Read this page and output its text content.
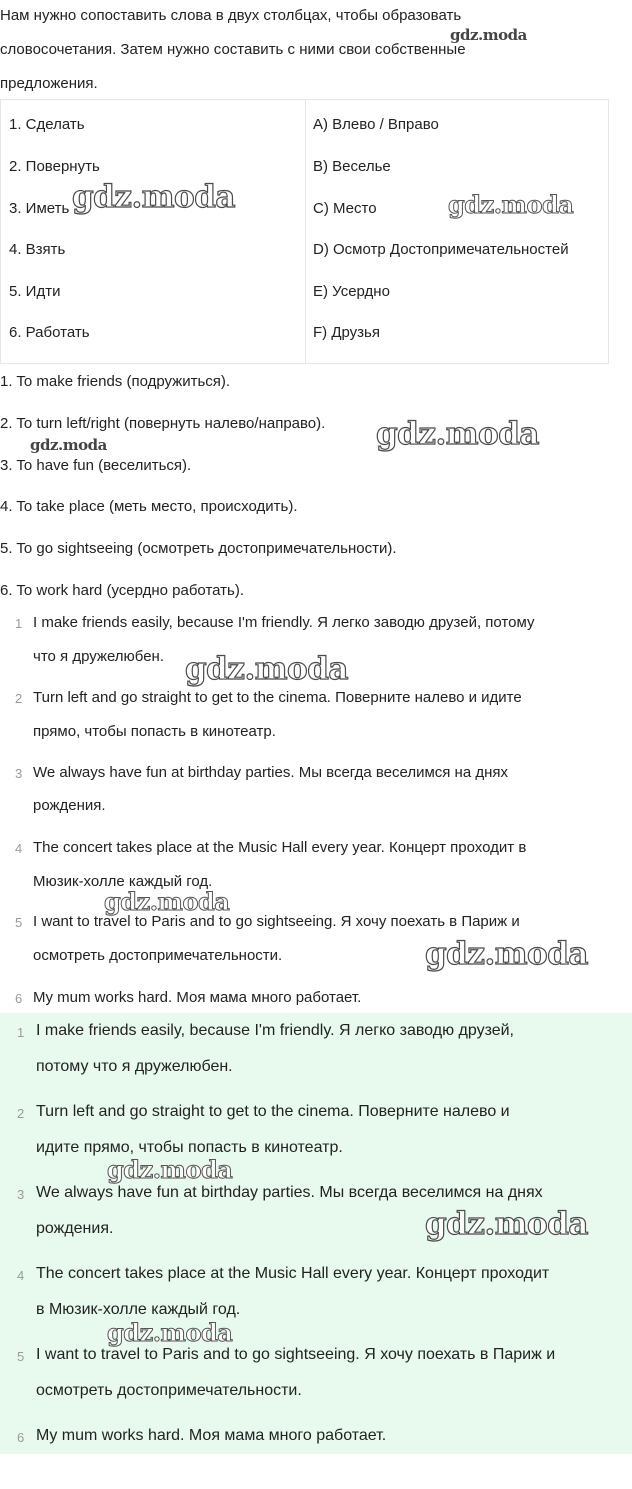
Нам нужно сопоставить слова в двух столбцах, чтобы образовать
словосочетания. Затем нужно составить с ними свои собственные
предложения.
1. Сделать	A) Влево / Вправо
2. Повернуть	B) Веселье
3. Иметь	C) Место
4. Взять	D) Осмотр Достопримечательностей
5. Идти	E) Усердно
6. Работать	F) Друзья
1. To make friends (подружиться).
2. To turn left/right (повернуть налево/направо).
3. To have fun (веселиться).
4. To take place (меть место, происходить).
5. To go sightseeing (осмотреть достопримечательности).
6. To work hard (усердно работать).
1 I make friends easily, because I'm friendly. Я легко заводю друзей, потому
что я дружелюбен.
2 Turn left and go straight to get to the cinema. Поверните налево и идите
прямо, чтобы попасть в кинотеатр.
3 We always have fun at birthday parties. Мы всегда веселимся на днях
рождения.
4 The concert takes place at the Music Hall every year. Концерт проходит в
Мюзик-холле каждый год.
5 I want to travel to Paris and to go sightseeing. Я хочу поехать в Париж и
осмотреть достопримечательности.
6 My mum works hard. Моя мама много работает.
1 I make friends easily, because I'm friendly. Я легко заводю друзей,
потому что я дружелюбен.
2 Turn left and go straight to get to the cinema. Поверните налево и
идите прямо, чтобы попасть в кинотеатр.
3 We always have fun at birthday parties. Мы всегда веселимся на днях
рождения.
4 The concert takes place at the Music Hall every year. Концерт проходит
в Мюзик-холле каждый год.
5 I want to travel to Paris and to go sightseeing. Я хочу поехать в Париж и
осмотреть достопримечательности.
6 My mum works hard. Моя мама много работает.
gdz.moda
gdz.moda	gdz.moda
gdz.moda
gdz.moda
gdz.moda
gdz.moda
gdz.moda
gdz.moda
gdz.moda
gdz.moda
